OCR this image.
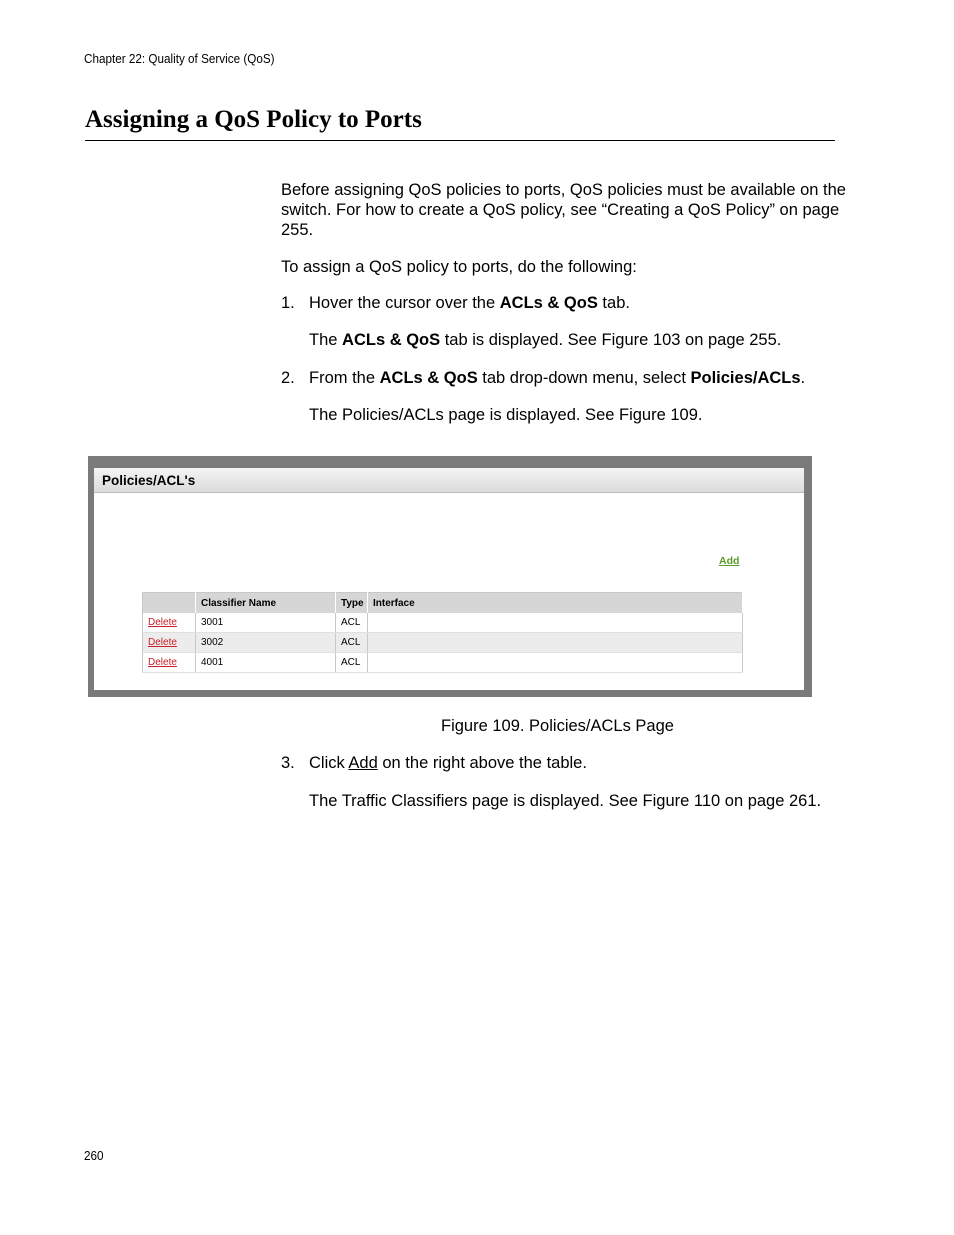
Chapter 22: Quality of Service (QoS)
Assigning a QoS Policy to Ports
Before assigning QoS policies to ports, QoS policies must be available on the switch. For how to create a QoS policy, see “Creating a QoS Policy” on page 255.
To assign a QoS policy to ports, do the following:
1. Hover the cursor over the ACLs & QoS tab.
The ACLs & QoS tab is displayed. See Figure 103 on page 255.
2. From the ACLs & QoS tab drop-down menu, select Policies/ACLs.
The Policies/ACLs page is displayed. See Figure 109.
Policies/ACL's
Add
	Classifier Name	Type	Interface
Delete	3001	ACL	
Delete	3002	ACL	
Delete	4001	ACL	
Figure 109. Policies/ACLs Page
3. Click Add on the right above the table.
The Traffic Classifiers page is displayed. See Figure 110 on page 261.
260
